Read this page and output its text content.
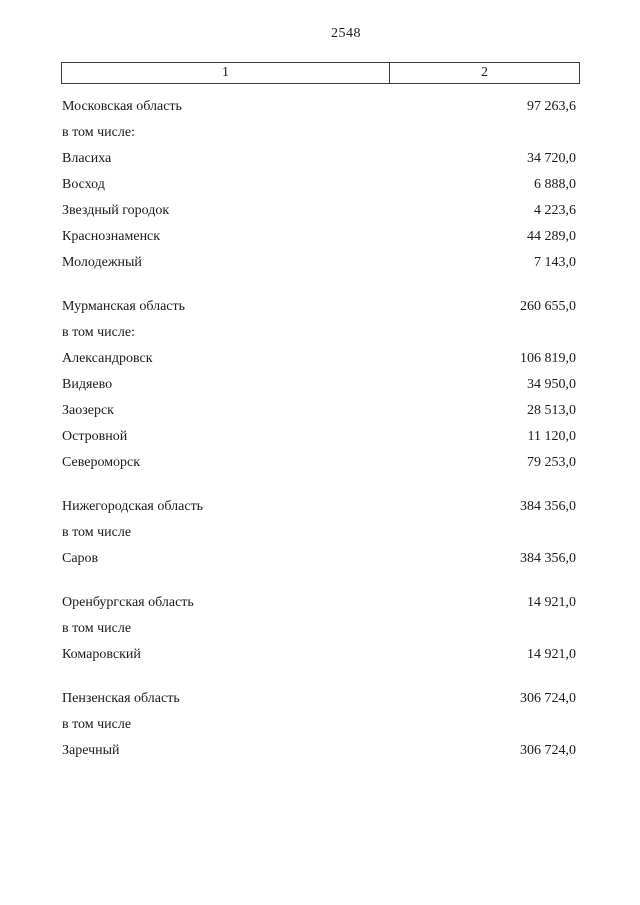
2548
1	2
Московская область	97 263,6
в том числе:
Власиха	34 720,0
Восход	6 888,0
Звездный городок	4 223,6
Краснознаменск	44 289,0
Молодежный	7 143,0
Мурманская область	260 655,0
в том числе:
Александровск	106 819,0
Видяево	34 950,0
Заозерск	28 513,0
Островной	11 120,0
Североморск	79 253,0
Нижегородская область	384 356,0
в том числе
Саров	384 356,0
Оренбургская область	14 921,0
в том числе
Комаровский	14 921,0
Пензенская область	306 724,0
в том числе
Заречный	306 724,0
